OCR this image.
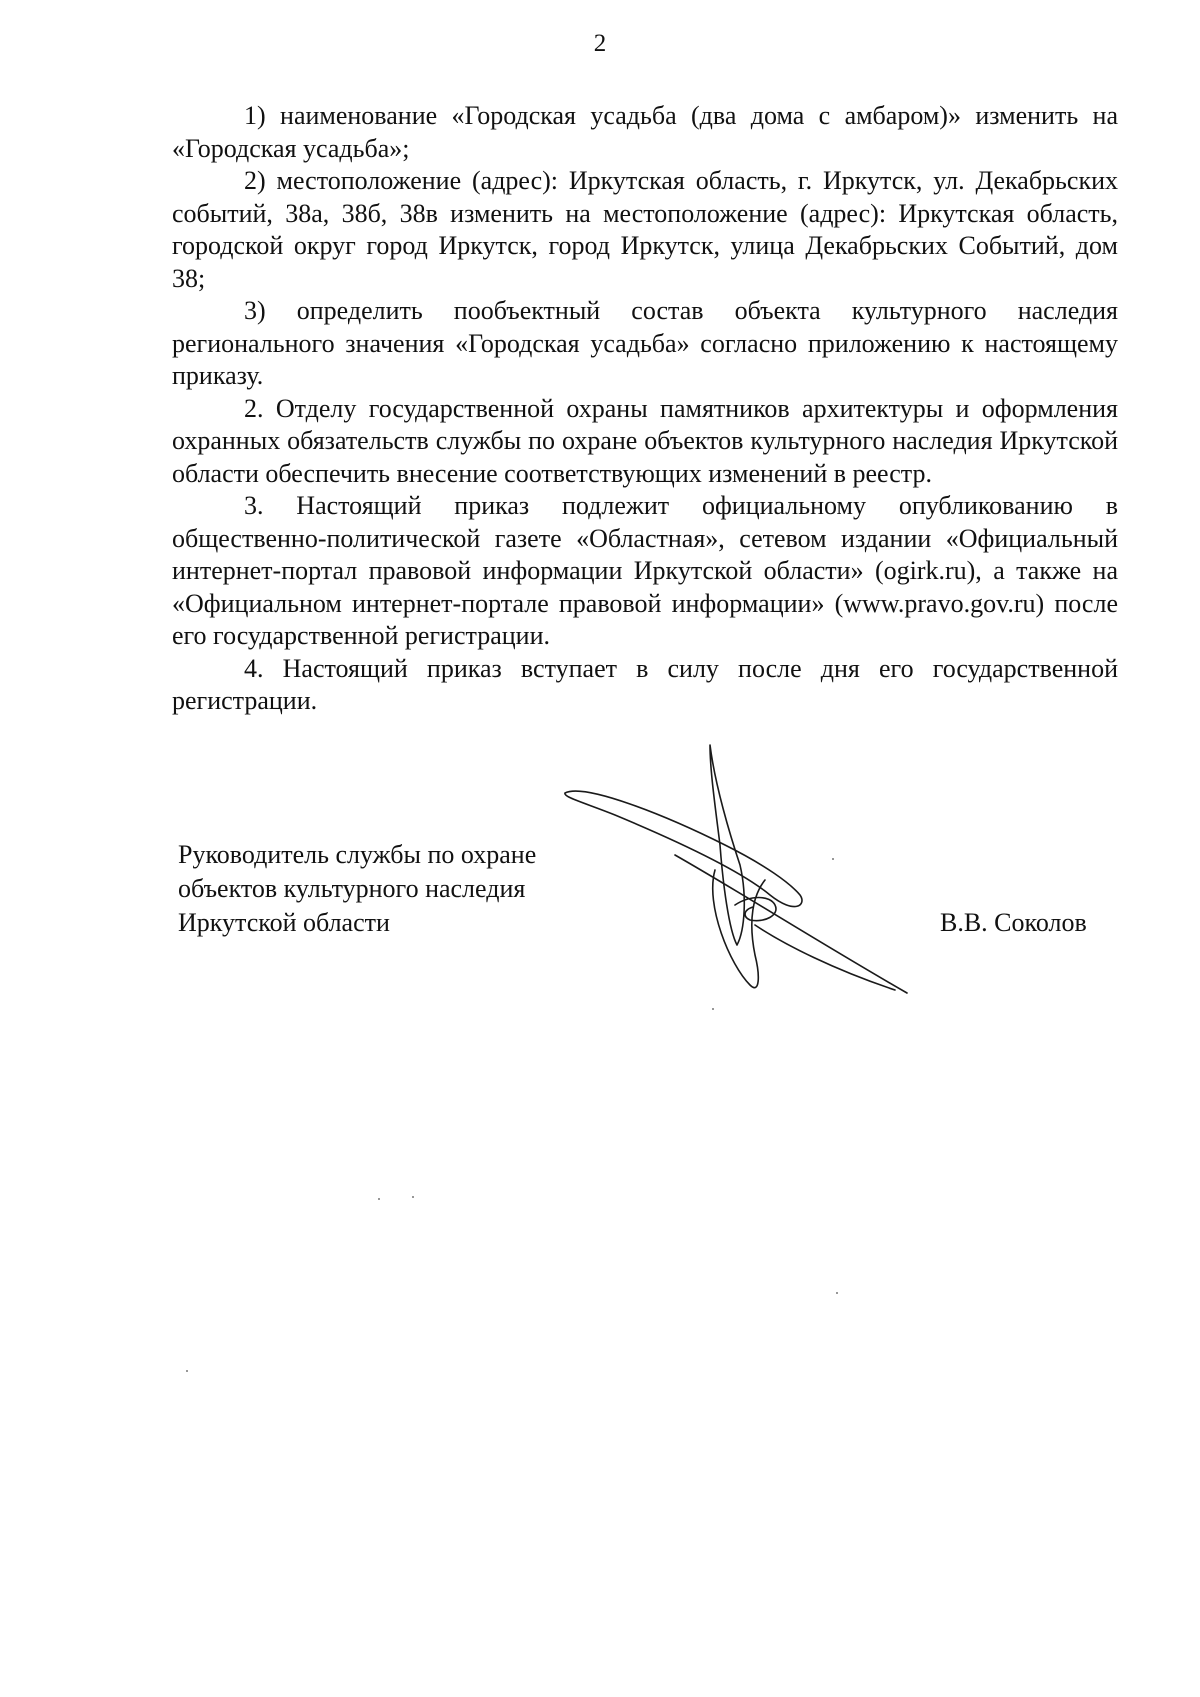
2

1) наименование «Городская усадьба (два дома с амбаром)» изменить на «Городская усадьба»;

2) местоположение (адрес): Иркутская область, г. Иркутск, ул. Декабрьских событий, 38а, 38б, 38в изменить на местоположение (адрес): Иркутская область, городской округ город Иркутск, город Иркутск, улица Декабрьских Событий, дом 38;

3) определить пообъектный состав объекта культурного наследия регионального значения «Городская усадьба» согласно приложению к настоящему приказу.

2. Отделу государственной охраны памятников архитектуры и оформления охранных обязательств службы по охране объектов культурного наследия Иркутской области обеспечить внесение соответствующих изменений в реестр.

3. Настоящий приказ подлежит официальному опубликованию в общественно-политической газете «Областная», сетевом издании «Официальный интернет-портал правовой информации Иркутской области» (ogirk.ru), а также на «Официальном интернет-портале правовой информации» (www.pravo.gov.ru) после его государственной регистрации.

4. Настоящий приказ вступает в силу после дня его государственной регистрации.

Руководитель службы по охране
объектов культурного наследия
Иркутской области	В.В. Соколов
